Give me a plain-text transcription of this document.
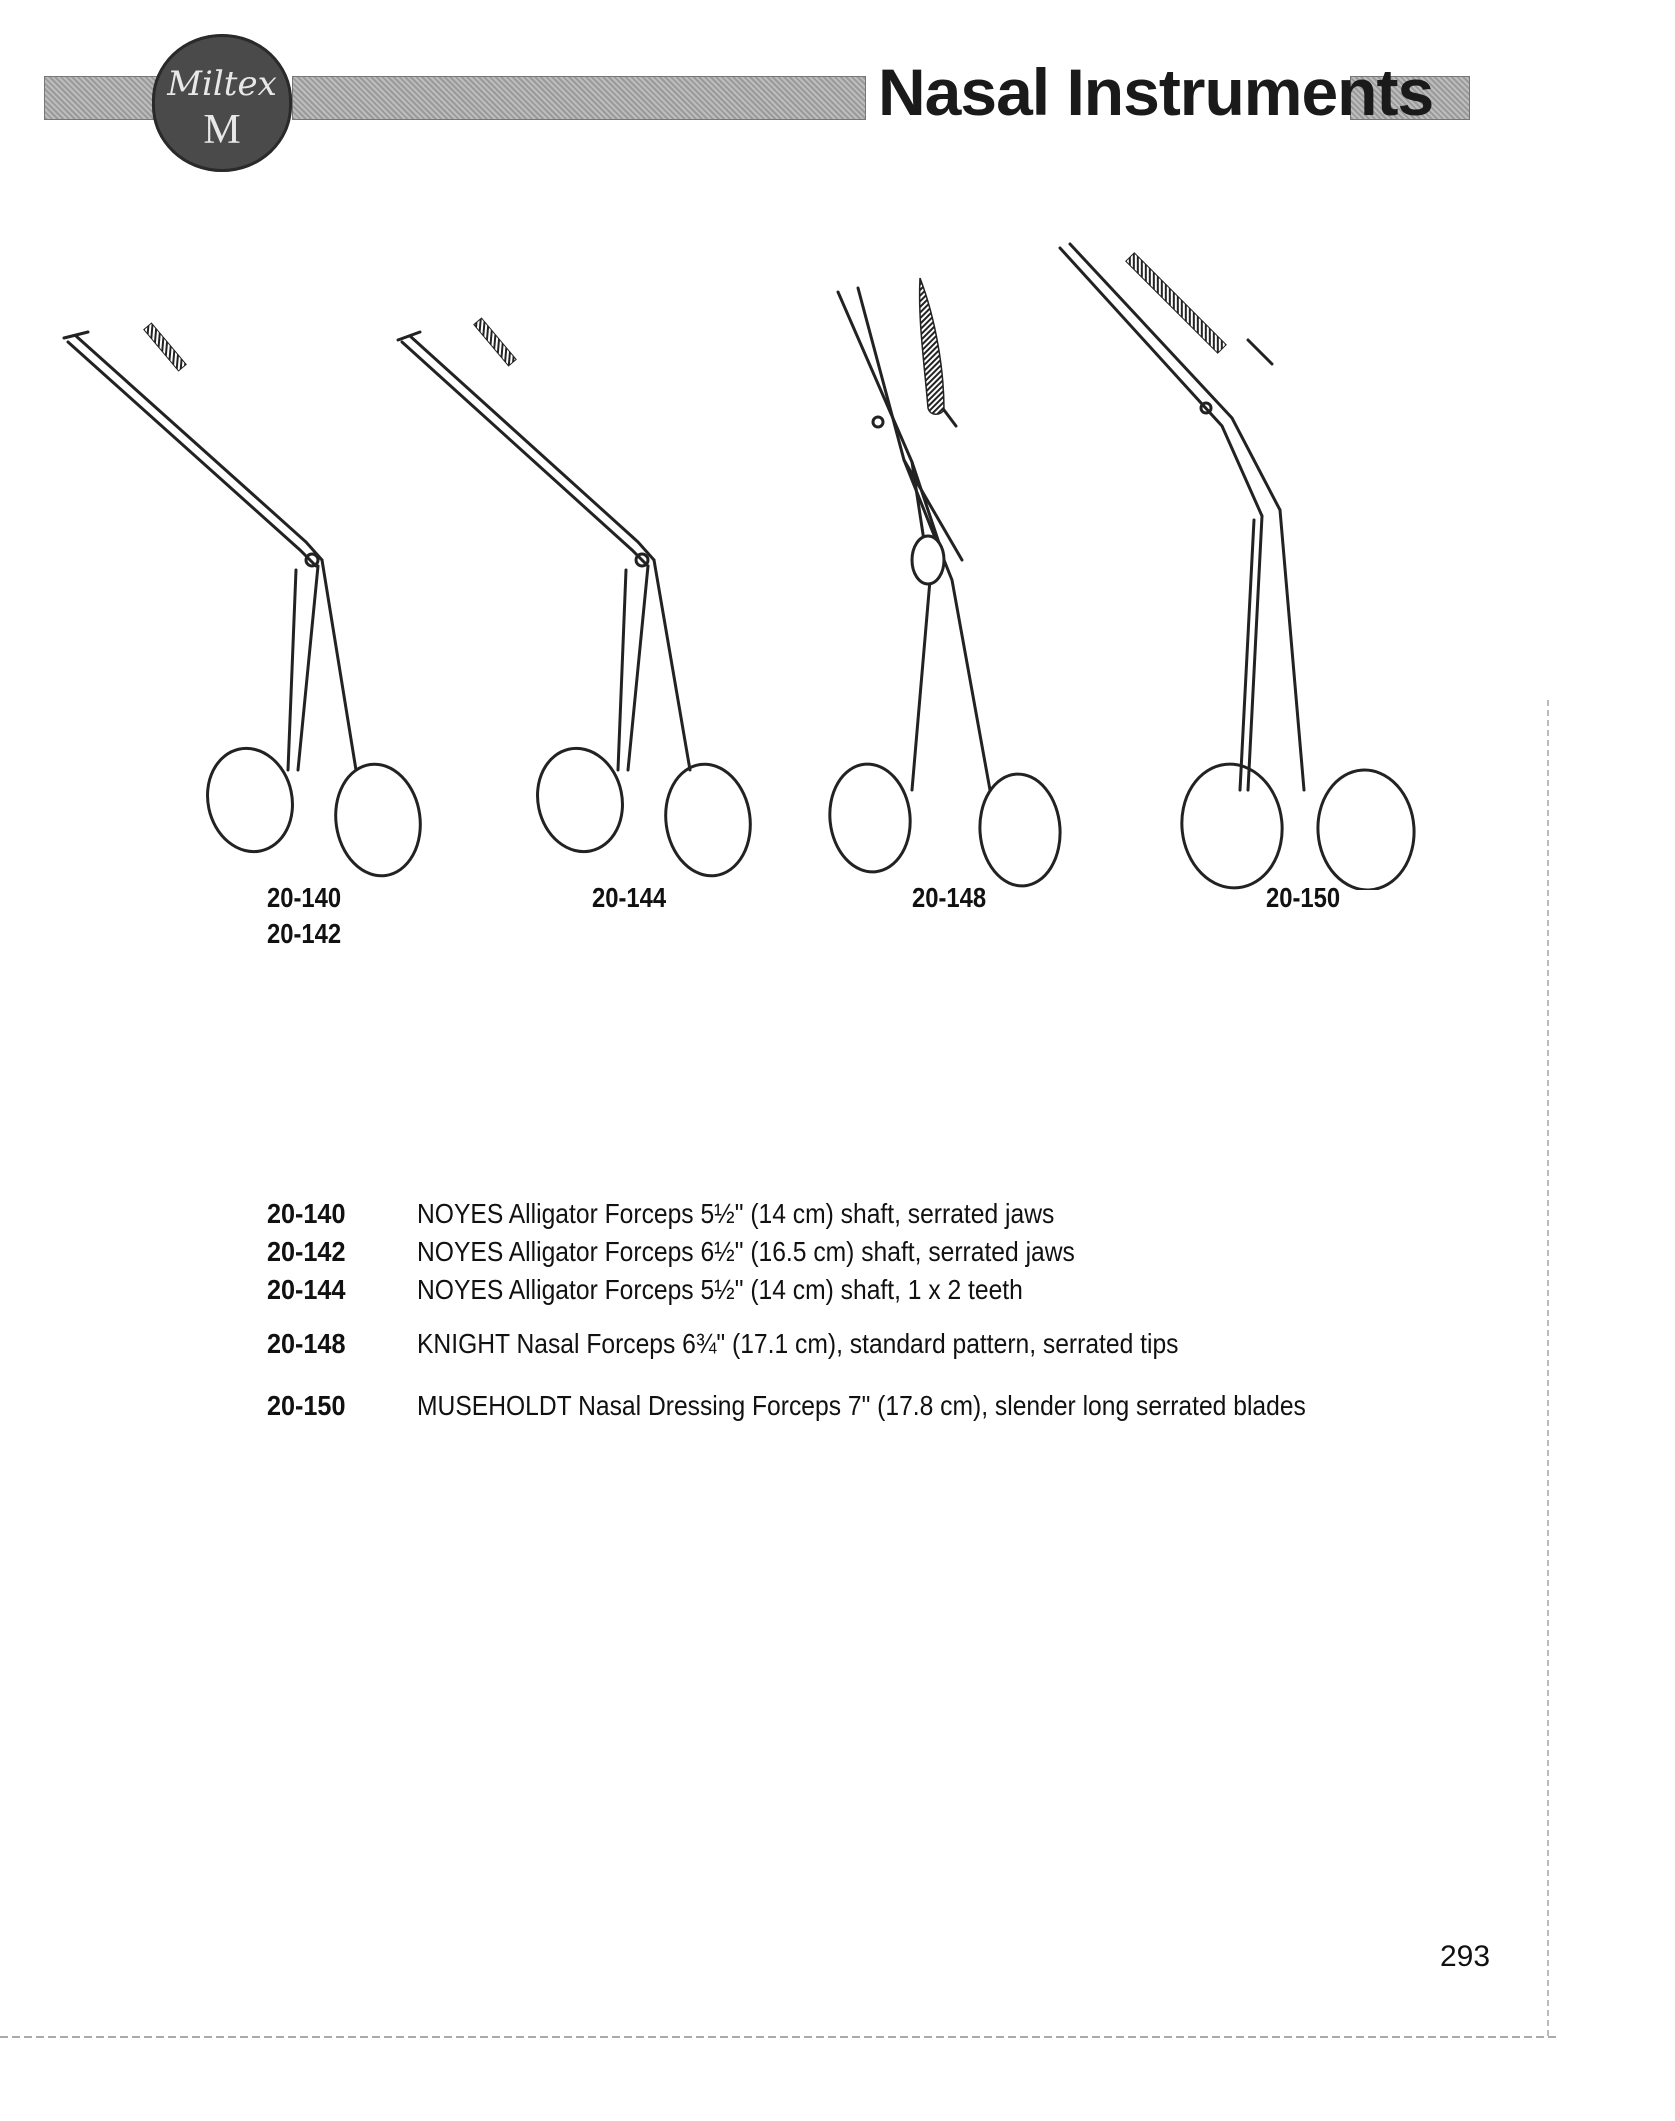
Miltex
M
Nasal Instruments
20-140
20-142
20-144	20-148	20-150
20-140	NOYES Alligator Forceps 5½" (14 cm) shaft, serrated jaws
20-142	NOYES Alligator Forceps 6½" (16.5 cm) shaft, serrated jaws
20-144	NOYES Alligator Forceps 5½" (14 cm) shaft, 1 x 2 teeth
20-148	KNIGHT Nasal Forceps 6¾" (17.1 cm), standard pattern, serrated tips
20-150	MUSEHOLDT Nasal Dressing Forceps 7" (17.8 cm), slender long serrated blades
293
